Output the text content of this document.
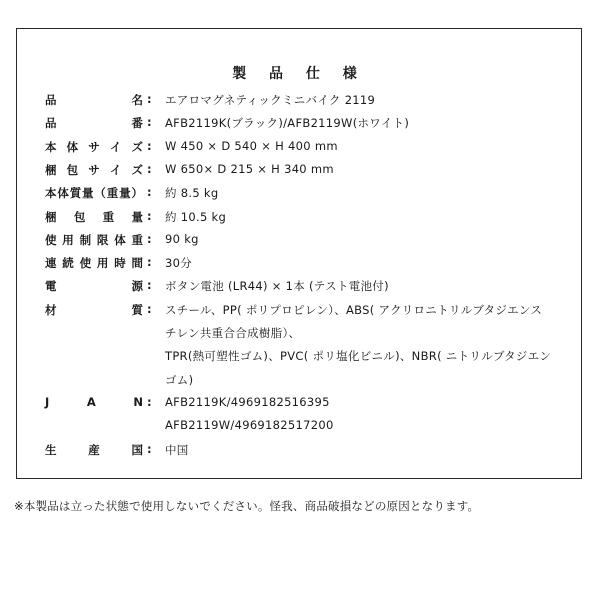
製 品 仕 様
品	名 : エアロマグネティックミニバイク 2119
品	番 : AFB2119K(ブラック)/AFB2119W(ホワイト)
本 体 サ イ ズ : W 450 × D 540 × H 400 mm
梱 包 サ イ ズ : W 650× D 215 × H 340 mm
本 体 質 量 （ 重 量 ） : 約 8.5 kg
梱 包 重 量 : 約 10.5 kg
使 用 制 限 体 重 : 90 kg
連 続 使 用 時 間 : 30分
電	源 : ボタン電池 (LR44) × 1本 (テスト電池付)
材	質 : スチール、PP( ポリプロピレン）、ABS( アクリロニトリルブタジエンス
チレン共重合合成樹脂）、
TPR(熱可塑性ゴム)、PVC( ポリ塩化ビニル)、NBR( ニトリルブタジエン
ゴム)
J	A	N : AFB2119K/4969182516395
AFB2119W/4969182517200
生	産	国 : 中国
※本製品は立った状態で使用しないでください。怪我、商品破損などの原因となります。
